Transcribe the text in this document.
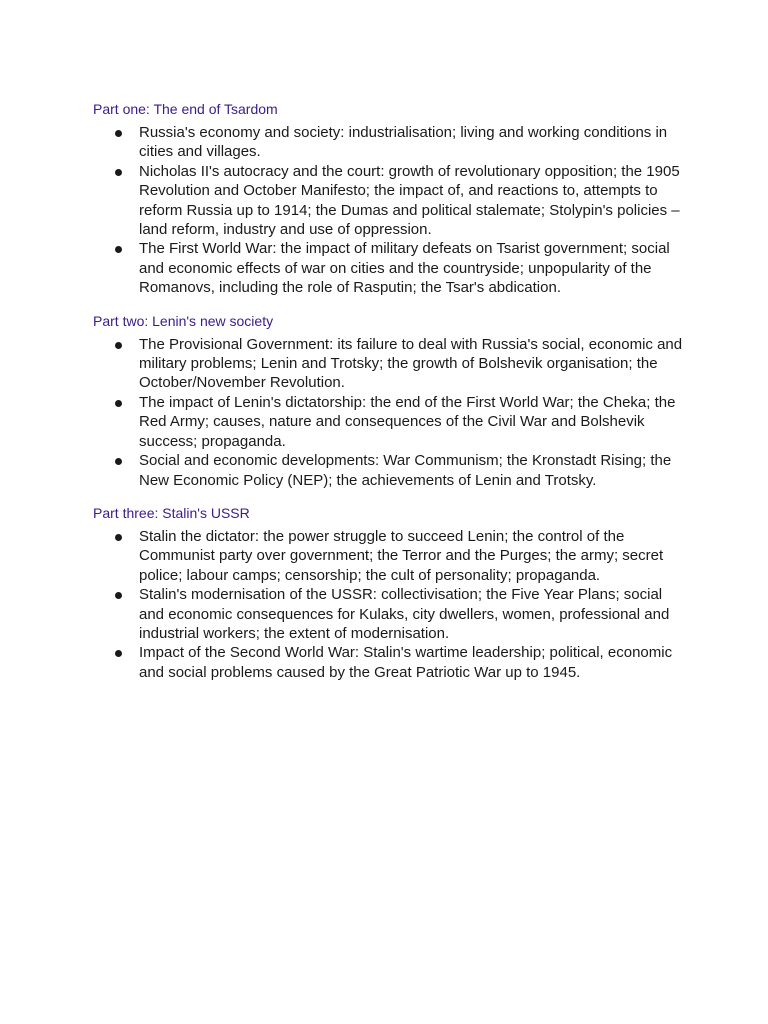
Part one: The end of Tsardom
Russia's economy and society: industrialisation; living and working conditions in cities and villages.
Nicholas II's autocracy and the court: growth of revolutionary opposition; the 1905 Revolution and October Manifesto; the impact of, and reactions to, attempts to reform Russia up to 1914; the Dumas and political stalemate; Stolypin's policies – land reform, industry and use of oppression.
The First World War: the impact of military defeats on Tsarist government; social and economic effects of war on cities and the countryside; unpopularity of the Romanovs, including the role of Rasputin; the Tsar's abdication.
Part two: Lenin's new society
The Provisional Government: its failure to deal with Russia's social, economic and military problems; Lenin and Trotsky; the growth of Bolshevik organisation; the October/November Revolution.
The impact of Lenin's dictatorship: the end of the First World War; the Cheka; the Red Army; causes, nature and consequences of the Civil War and Bolshevik success; propaganda.
Social and economic developments: War Communism; the Kronstadt Rising; the New Economic Policy (NEP); the achievements of Lenin and Trotsky.
Part three: Stalin's USSR
Stalin the dictator: the power struggle to succeed Lenin; the control of the Communist party over government; the Terror and the Purges; the army; secret police; labour camps; censorship; the cult of personality; propaganda.
Stalin's modernisation of the USSR: collectivisation; the Five Year Plans; social and economic consequences for Kulaks, city dwellers, women, professional and industrial workers; the extent of modernisation.
Impact of the Second World War: Stalin's wartime leadership; political, economic and social problems caused by the Great Patriotic War up to 1945.
